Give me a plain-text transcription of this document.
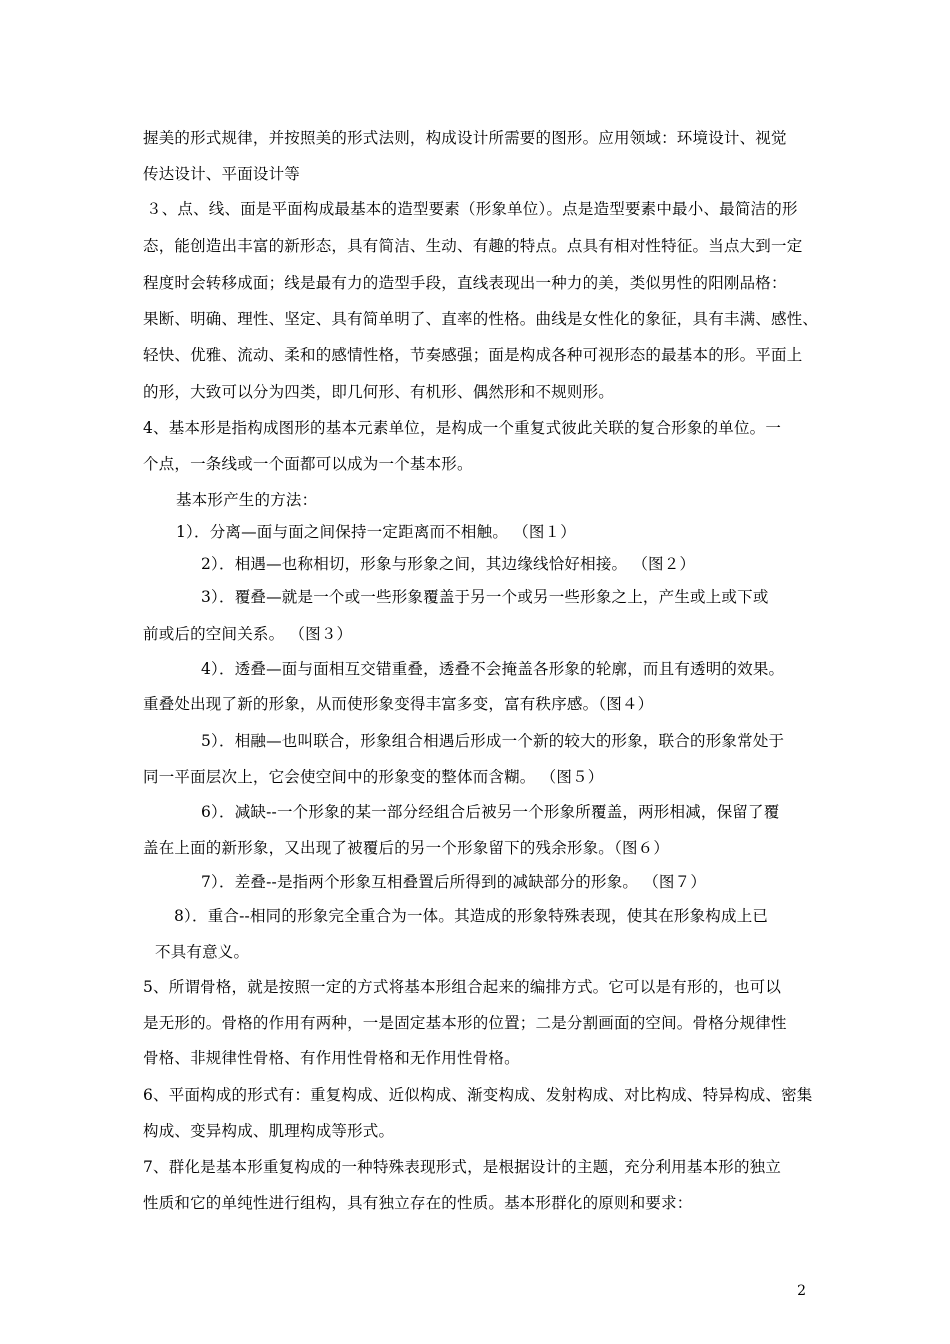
握美的形式规律，并按照美的形式法则，构成设计所需要的图形。应用领域：环境设计、视觉
传达设计、平面设计等
３、点、线、面是平面构成最基本的造型要素（形象单位）。点是造型要素中最小、最简洁的形
态，能创造出丰富的新形态，具有简洁、生动、有趣的特点。点具有相对性特征。当点大到一定
程度时会转移成面；线是最有力的造型手段，直线表现出一种力的美，类似男性的阳刚品格：
果断、明确、理性、坚定、具有简单明了、直率的性格。曲线是女性化的象征，具有丰满、感性、
轻快、优雅、流动、柔和的感情性格，节奏感强；面是构成各种可视形态的最基本的形。平面上
的形，大致可以分为四类，即几何形、有机形、偶然形和不规则形。
4、基本形是指构成图形的基本元素单位，是构成一个重复式彼此关联的复合形象的单位。一
个点，一条线或一个面都可以成为一个基本形。
基本形产生的方法：
1）．分离—面与面之间保持一定距离而不相触。 （图１）
2）．相遇—也称相切，形象与形象之间，其边缘线恰好相接。 （图２）
3）．覆叠—就是一个或一些形象覆盖于另一个或另一些形象之上，产生或上或下或
前或后的空间关系。 （图３）
4）．透叠—面与面相互交错重叠，透叠不会掩盖各形象的轮廓，而且有透明的效果。
重叠处出现了新的形象，从而使形象变得丰富多变，富有秩序感。（图４）
5）．相融—也叫联合，形象组合相遇后形成一个新的较大的形象，联合的形象常处于
同一平面层次上，它会使空间中的形象变的整体而含糊。 （图５）
6）．减缺--一个形象的某一部分经组合后被另一个形象所覆盖，两形相减，保留了覆
盖在上面的新形象，又出现了被覆后的另一个形象留下的残余形象。（图６）
7）．差叠--是指两个形象互相叠置后所得到的减缺部分的形象。 （图７）
8）．重合--相同的形象完全重合为一体。其造成的形象特殊表现，使其在形象构成上已
不具有意义。
5、所谓骨格，就是按照一定的方式将基本形组合起来的编排方式。它可以是有形的，也可以
是无形的。骨格的作用有两种，一是固定基本形的位置；二是分割画面的空间。骨格分规律性
骨格、非规律性骨格、有作用性骨格和无作用性骨格。
6、平面构成的形式有：重复构成、近似构成、渐变构成、发射构成、对比构成、特异构成、密集
构成、变异构成、肌理构成等形式。
7、群化是基本形重复构成的一种特殊表现形式，是根据设计的主题，充分利用基本形的独立
性质和它的单纯性进行组构，具有独立存在的性质。基本形群化的原则和要求：
2
